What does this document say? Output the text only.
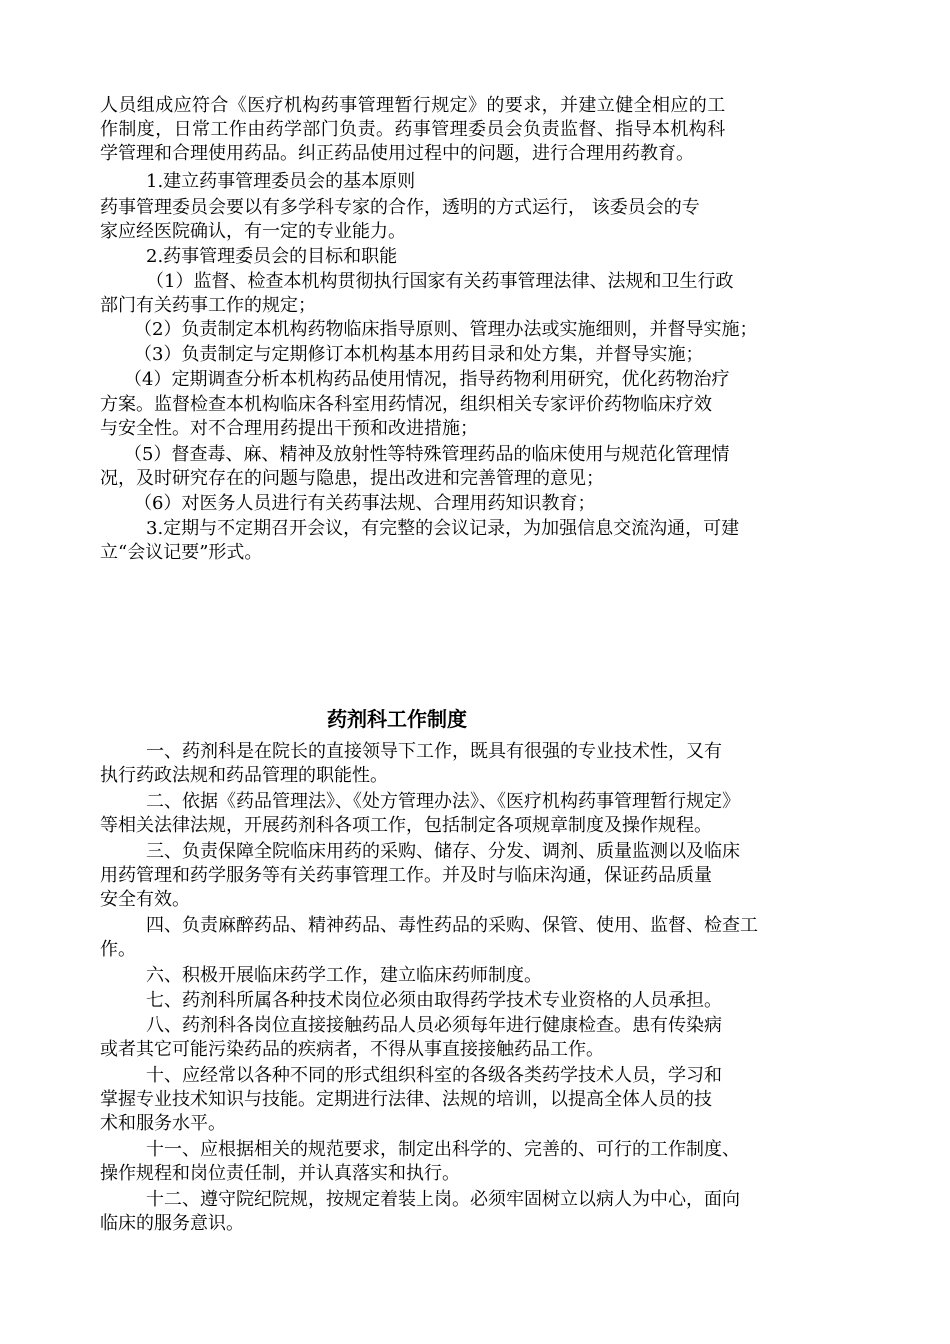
人员组成应符合《医疗机构药事管理暂行规定》的要求，并建立健全相应的工

作制度，日常工作由药学部门负责。药事管理委员会负责监督、指导本机构科

学管理和合理使用药品。纠正药品使用过程中的问题，进行合理用药教育。

1.建立药事管理委员会的基本原则

药事管理委员会要以有多学科专家的合作，透明的方式运行， 该委员会的专

家应经医院确认，有一定的专业能力。

2.药事管理委员会的目标和职能

（1）监督、检查本机构贯彻执行国家有关药事管理法律、法规和卫生行政

部门有关药事工作的规定；

（2）负责制定本机构药物临床指导原则、管理办法或实施细则，并督导实施；

（3）负责制定与定期修订本机构基本用药目录和处方集，并督导实施；

（4）定期调查分析本机构药品使用情况，指导药物利用研究，优化药物治疗

方案。监督检查本机构临床各科室用药情况，组织相关专家评价药物临床疗效

与安全性。对不合理用药提出干预和改进措施；

（5）督查毒、麻、精神及放射性等特殊管理药品的临床使用与规范化管理情

况，及时研究存在的问题与隐患，提出改进和完善管理的意见；

（6）对医务人员进行有关药事法规、合理用药知识教育；

3.定期与不定期召开会议，有完整的会议记录，为加强信息交流沟通，可建

立“会议记要”形式。

药剂科工作制度

一、药剂科是在院长的直接领导下工作，既具有很强的专业技术性，又有

执行药政法规和药品管理的职能性。

二、依据《药品管理法》、《处方管理办法》、《医疗机构药事管理暂行规定》

等相关法律法规，开展药剂科各项工作，包括制定各项规章制度及操作规程。

三、负责保障全院临床用药的采购、储存、分发、调剂、质量监测以及临床

用药管理和药学服务等有关药事管理工作。并及时与临床沟通，保证药品质量

安全有效。

四、负责麻醉药品、精神药品、毒性药品的采购、保管、使用、监督、检查工

作。

六、积极开展临床药学工作，建立临床药师制度。

七、药剂科所属各种技术岗位必须由取得药学技术专业资格的人员承担。

八、药剂科各岗位直接接触药品人员必须每年进行健康检查。患有传染病

或者其它可能污染药品的疾病者，不得从事直接接触药品工作。

十、应经常以各种不同的形式组织科室的各级各类药学技术人员，学习和

掌握专业技术知识与技能。定期进行法律、法规的培训，以提高全体人员的技

术和服务水平。

十一、应根据相关的规范要求，制定出科学的、完善的、可行的工作制度、

操作规程和岗位责任制，并认真落实和执行。

十二、遵守院纪院规，按规定着装上岗。必须牢固树立以病人为中心，面向

临床的服务意识。
